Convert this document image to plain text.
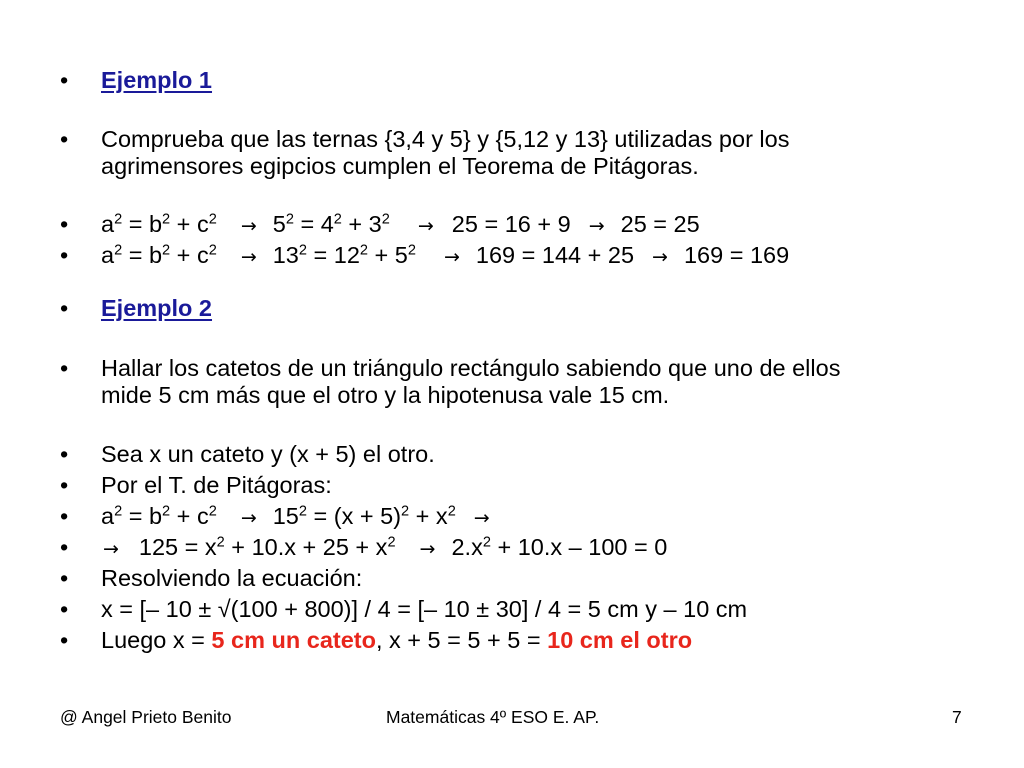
• Ejemplo 1
• Comprueba que las ternas {3,4 y 5} y {5,12 y 13} utilizadas por los
agrimensores egipcios cumplen el Teorema de Pitágoras.
• $a^2 = b^2 + c^2 \to 5^2 = 4^2 + 3^2 \to 25 = 16 + 9 \to 25 = 25$
• $a^2 = b^2 + c^2 \to 13^2 = 12^2 + 5^2 \to 169 = 144 + 25 \to 169 = 169$
• Ejemplo 2
• Hallar los catetos de un triángulo rectángulo sabiendo que uno de ellos
mide 5 cm más que el otro y la hipotenusa vale 15 cm.
• Sea x un cateto y (x + 5) el otro.
• Por el T. de Pitágoras:
• $a^2 = b^2 + c^2 \to 15^2 = (x + 5)^2 + x^2$ →
• → $125 = x^2 + 10.x + 25 + x^2 \to 2.x^2 + 10.x - 100 = 0$
• Resolviendo la ecuación:
• x = [– 10 ± √(100 + 800)] / 4 = [– 10 ± 30] / 4 = 5 cm y – 10 cm
• Luego x = 5 cm un cateto, x + 5 = 5 + 5 = 10 cm el otro
@ Angel Prieto Benito	Matemáticas 4º ESO E. AP.	7
